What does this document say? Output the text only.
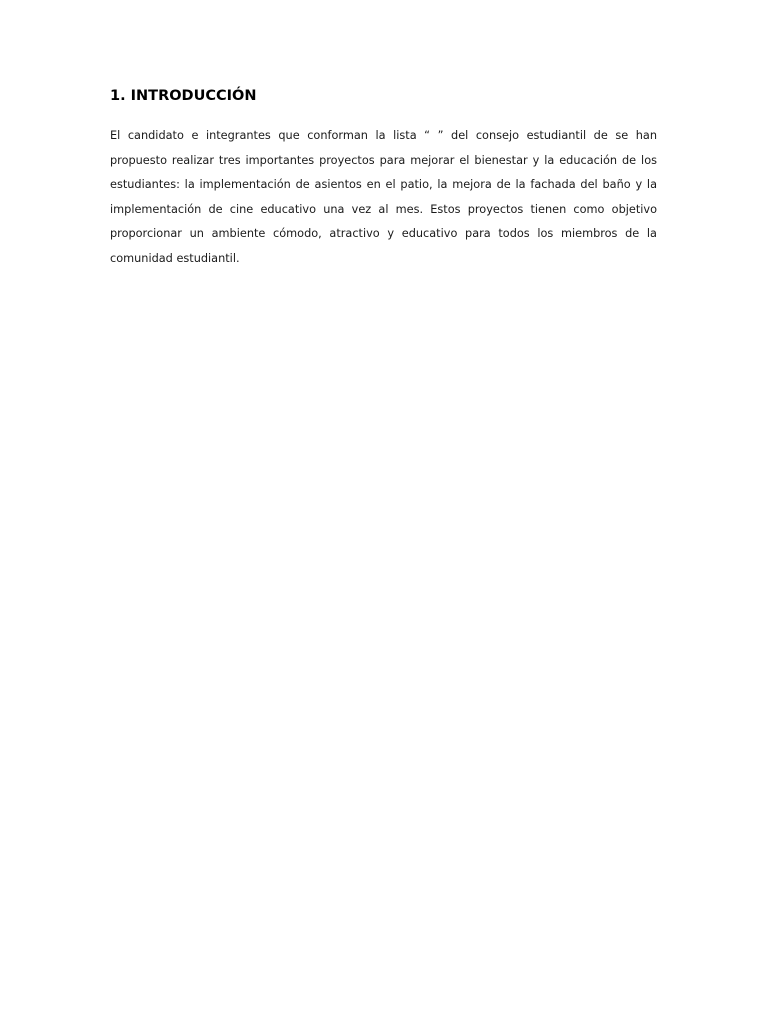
1. INTRODUCCIÓN

El candidato e integrantes que conforman la lista “ ” del consejo estudiantil de se han propuesto realizar tres importantes proyectos para mejorar el bienestar y la educación de los estudiantes: la implementación de asientos en el patio, la mejora de la fachada del baño y la implementación de cine educativo una vez al mes. Estos proyectos tienen como objetivo proporcionar un ambiente cómodo, atractivo y educativo para todos los miembros de la comunidad estudiantil.
